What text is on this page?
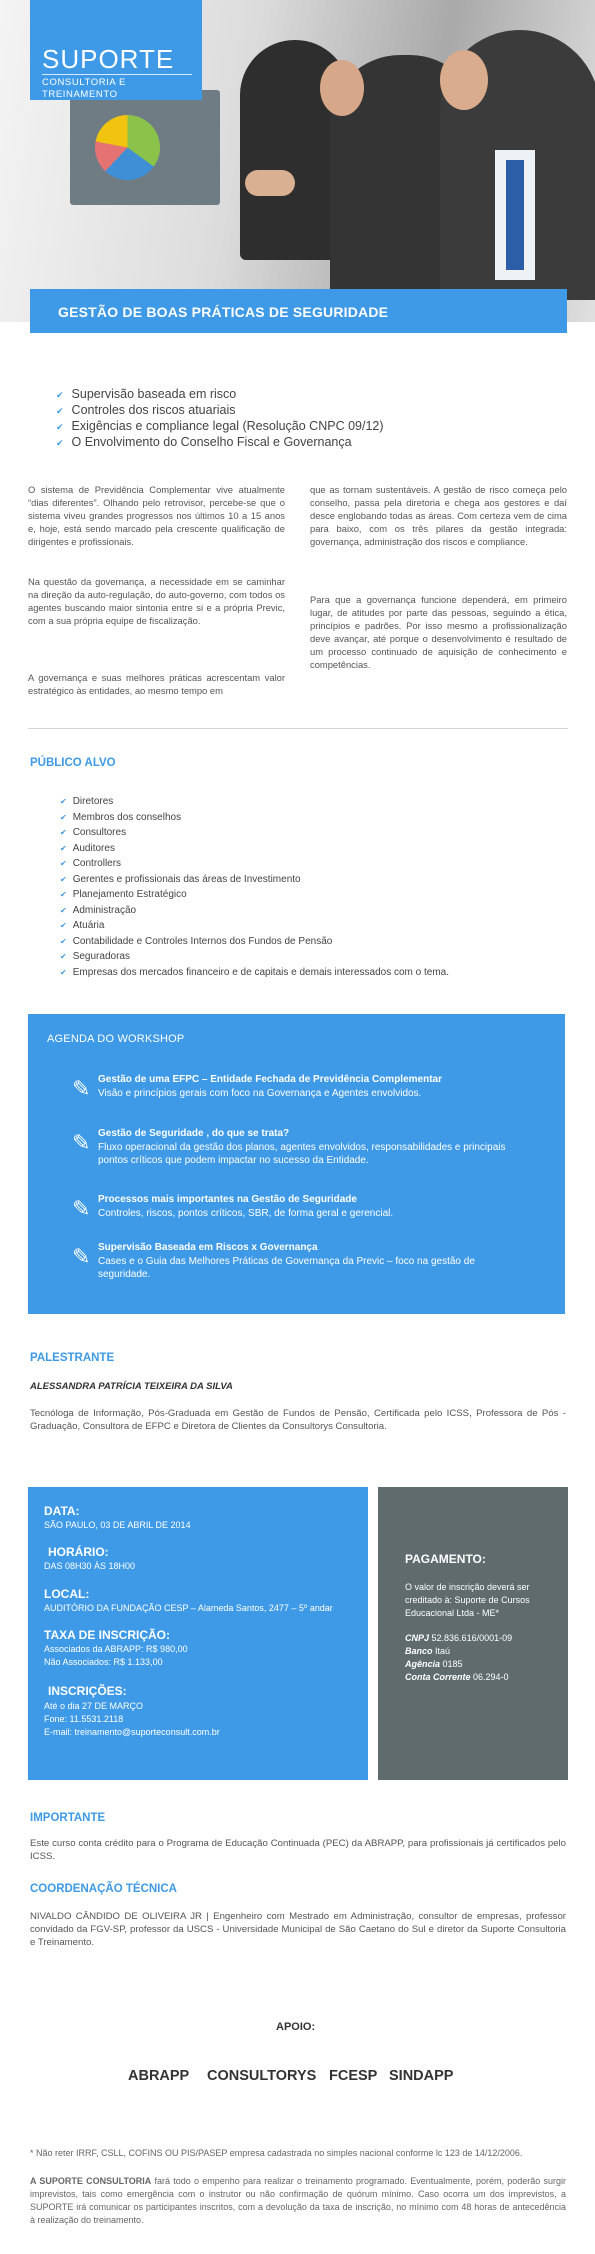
SUPORTE
CONSULTORIA E TREINAMENTO
GESTÃO DE BOAS PRÁTICAS DE SEGURIDADE
✔ Supervisão baseada em risco
✔ Controles dos riscos atuariais
✔ Exigências e compliance legal (Resolução CNPC 09/12)
✔ O Envolvimento do Conselho Fiscal e Governança

O sistema de Previdência Complementar vive atualmente “dias diferentes”. Olhando pelo retrovisor, percebe-se que o sistema viveu grandes progressos nos últimos 10 a 15 anos e, hoje, está sendo marcado pela crescente qualificação de dirigentes e profissionais.

Na questão da governança, a necessidade em se caminhar na direção da auto-regulação, do auto-governo, com todos os agentes buscando maior sintonia entre si e a própria Previc, com a sua própria equipe de fiscalização.

A governança e suas melhores práticas acrescentam valor estratégico às entidades, ao mesmo tempo em

que as tornam sustentáveis. A gestão de risco começa pelo conselho, passa pela diretoria e chega aos gestores e daí desce englobando todas as áreas. Com certeza vem de cima para baixo, com os três pilares da gestão integrada: governança, administração dos riscos e compliance.

Para que a governança funcione dependerá, em primeiro lugar, de atitudes por parte das pessoas, seguindo a ética, princípios e padrões. Por isso mesmo a profissionalização deve avançar, até porque o desenvolvimento é resultado de um processo continuado de aquisição de conhecimento e competências.

PÚBLICO ALVO
✔ Diretores
✔ Membros dos conselhos
✔ Consultores
✔ Auditores
✔ Controllers
✔ Gerentes e profissionais das áreas de Investimento
✔ Planejamento Estratégico
✔ Administração
✔ Atuária
✔ Contabilidade e Controles Internos dos Fundos de Pensão
✔ Seguradoras
✔ Empresas dos mercados financeiro e de capitais e demais interessados com o tema.
AGENDA DO WORKSHOP
✎ Gestão de uma EFPC – Entidade Fechada de Previdência Complementar
Visão e princípios gerais com foco na Governança e Agentes envolvidos.
✎ Gestão de Seguridade , do que se trata?
Fluxo operacional da gestão dos planos, agentes envolvidos, responsabilidades e principais pontos críticos que podem impactar no sucesso da Entidade.
✎ Processos mais importantes na Gestão de Seguridade
Controles, riscos, pontos críticos, SBR, de forma geral e gerencial.
✎ Supervisão Baseada em Riscos x Governança
Cases e o Guia das Melhores Práticas de Governança da Previc – foco na gestão de seguridade.
PALESTRANTE
ALESSANDRA PATRÍCIA TEIXEIRA DA SILVA

Tecnóloga de Informação, Pós-Graduada em Gestão de Fundos de Pensão, Certificada pelo ICSS, Professora de Pós - Graduação, Consultora de EFPC e Diretora de Clientes da Consultorys Consultoria.

DATA:
SÃO PAULO, 03 DE ABRIL DE 2014
HORÁRIO:
DAS 08H30 ÀS 18H00
LOCAL:
AUDITÓRIO DA FUNDAÇÃO CESP – Alameda Santos, 2477 – 5º andar
TAXA DE INSCRIÇÃO:
Associados da ABRAPP: R$ 980,00
Não Associados: R$ 1.133,00
INSCRIÇÕES:
Até o dia 27 DE MARÇO
Fone: 11.5531.2118
E-mail: treinamento@suporteconsult.com.br
PAGAMENTO:
O valor de inscrição deverá ser creditado à: Suporte de Cursos Educacional Ltda - ME*
CNPJ 52.836.616/0001-09
Banco Itaú
Agência 0185
Conta Corrente 06.294-0
IMPORTANTE

Este curso conta crédito para o Programa de Educação Continuada (PEC) da ABRAPP, para profissionais já certificados pelo ICSS.

COORDENAÇÃO TÉCNICA

NIVALDO CÂNDIDO DE OLIVEIRA JR | Engenheiro com Mestrado em Administração, consultor de empresas, professor convidado da FGV-SP, professor da USCS - Universidade Municipal de São Caetano do Sul e diretor da Suporte Consultoria e Treinamento.

APOIO:
ABRAPP CONSULTORYS FCESP SINDAPP

* Não reter IRRF, CSLL, COFINS OU PIS/PASEP empresa cadastrada no simples nacional conforme lc 123 de 14/12/2006.

A SUPORTE CONSULTORIA fará todo o empenho para realizar o treinamento programado. Eventualmente, porém, poderão surgir imprevistos, tais como emergência com o instrutor ou não confirmação de quórum mínimo. Caso ocorra um dos imprevistos, a SUPORTE irá comunicar os participantes inscritos, com a devolução da taxa de inscrição, no mínimo com 48 horas de antecedência à realização do treinamento.
